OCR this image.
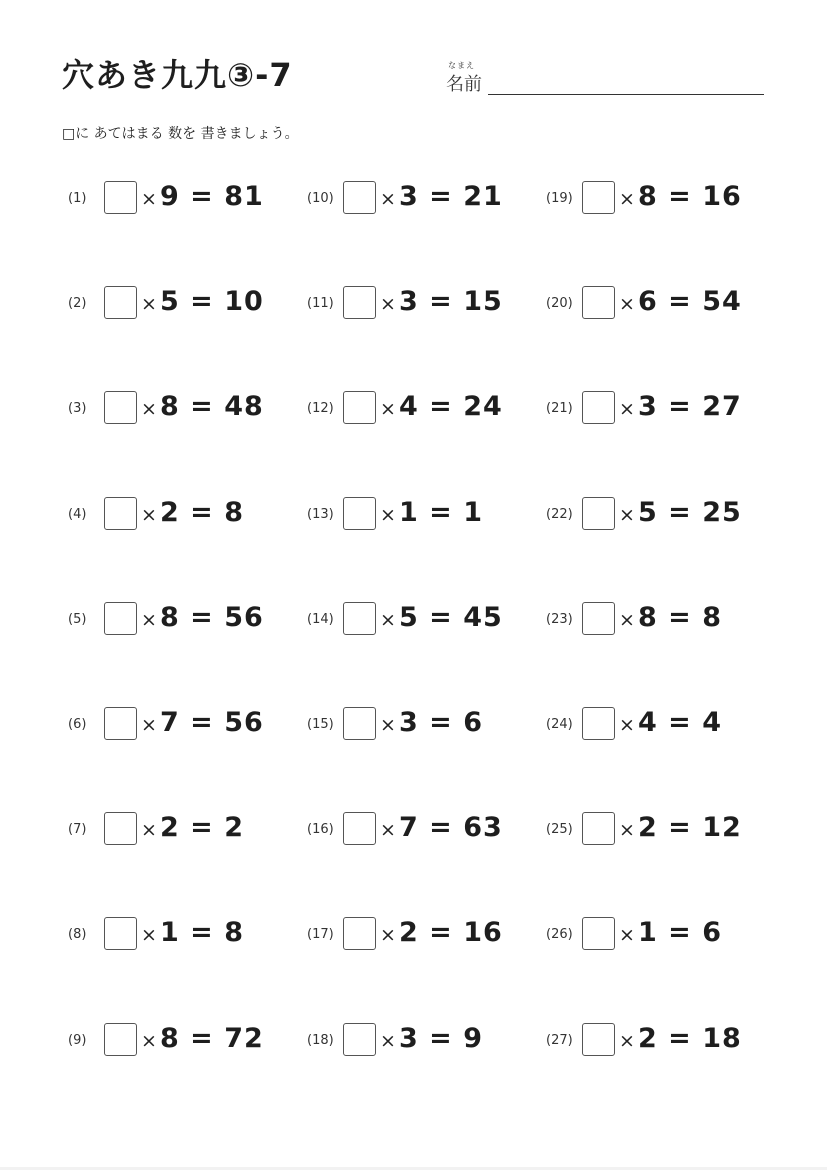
穴あき九九③-7	なまえ
名前
□に あてはまる 数を 書きましょう。
(1)	× 9 = 81
(2)	× 5 = 10
(3)	× 8 = 48
(4)	× 2 = 8
(5)	× 8 = 56
(6)	× 7 = 56
(7)	× 2 = 2
(8)	× 1 = 8
(9)	× 8 = 72
(10)	× 3 = 21
(11)	× 3 = 15
(12)	× 4 = 24
(13)	× 1 = 1
(14)	× 5 = 45
(15)	× 3 = 6
(16)	× 7 = 63
(17)	× 2 = 16
(18)	× 3 = 9
(19)	× 8 = 16
(20)	× 6 = 54
(21)	× 3 = 27
(22)	× 5 = 25
(23)	× 8 = 8
(24)	× 4 = 4
(25)	× 2 = 12
(26)	× 1 = 6
(27)	× 2 = 18
